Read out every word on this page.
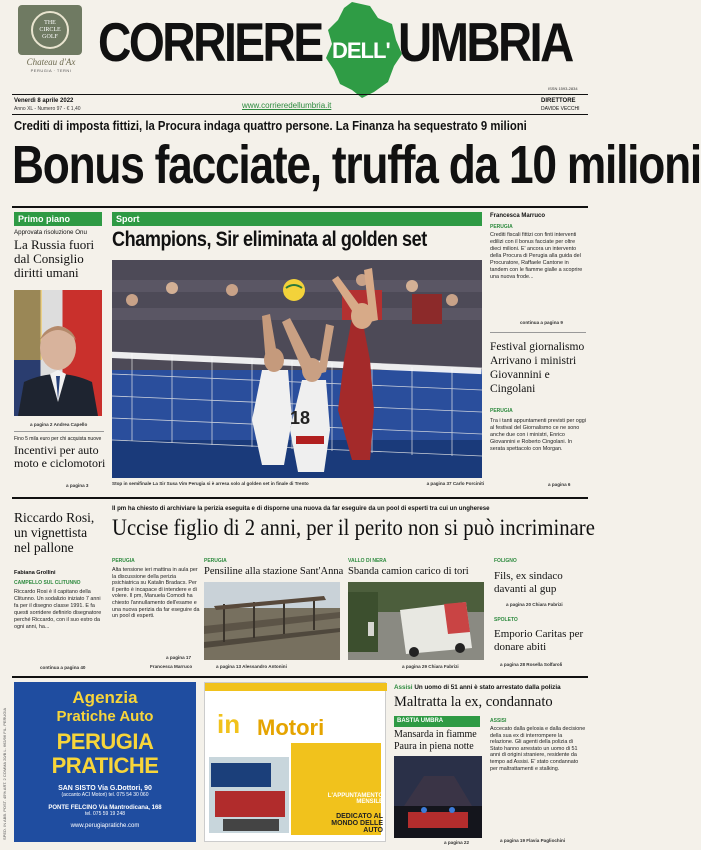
THE CIRCLE GOLF
Chateau d'Ax
PERUGIA · TERNI CORRIERE DELL' UMBRIA
ISSN 1593-2834
Venerdì 8 aprile 2022
Anno XL - Numero 97 - € 1,40	www.corrieredellumbria.it	DIRETTORE
DAVIDE VECCHI
Crediti di imposta fittizi, la Procura indaga quattro persone. La Finanza ha sequestrato 9 milioni
Bonus facciate, truffa da 10 milioni
Primo piano
Approvata risoluzione Onu
La Russia fuori dal Consiglio diritti umani
a pagina 2 Andrea Capello
Fino 5 mila euro per chi acquista nuove
Incentivi per auto moto e ciclomotori
a pagina 3
Sport
Champions, Sir eliminata al golden set
18
Stop in semifinale La Sir Susa Vim Perugia si è arresa solo al golden set in finale di Trento	a pagina 37 Carlo Forciniti
Francesca Marruco
PERUGIA
Crediti fiscali fittizi con finti interventi edilizi con il bonus facciate per oltre dieci milioni. E' ancora un intervento della Procura di Perugia alla guida del Procuratore, Raffaele Cantone in tandem con le fiamme gialle a scoprire una nuova frode...
continua a pagina 9
Festival giornalismo Arrivano i ministri Giovannini e Cingolani
PERUGIA
Tra i tanti appuntamenti previsti per oggi al festival del Giornalismo ce ne sono anche due con i ministri, Enrico Giovannini e Roberto Cingolani. In serata spettacolo con Morgan.
a pagina 6
Riccardo Rosi, un vignettista nel pallone
Fabiana Grollini
CAMPELLO SUL CLITUNNO
Riccardo Rosi è il capitano della Clitunno. Un sodalizio iniziato 7 anni fa per il disegno classe 1991. E fa questi sorridere definirlo disegnatore perché Riccardo, con il suo estro da ogni anni, ha...
continua a pagina 40
Il pm ha chiesto di archiviare la perizia eseguita e di disporne una nuova da far eseguire da un pool di esperti tra cui un ungherese
Uccise figlio di 2 anni, per il perito non si può incriminare
PERUGIA
Alta tensione ieri mattina in aula per la discussione della perizia psichiatrica su Katalin Bradacs. Per il perito è incapace di intendere e di volere. Il pm, Manuela Comodi ha chiesto l'annullamento dell'esame e una nuova perizia da far eseguire da un pool di esperti.
a pagina 17
Francesca Marruco
PERUGIA
Pensiline alla stazione Sant'Anna
a pagina 13 Alessandro Antonini
VALLO DI NERA
Sbanda camion carico di tori
a pagina 29 Chiara Fabrizi
FOLIGNO
Fils, ex sindaco davanti al gup
a pagina 20 Chiara Fabrizi
SPOLETO
Emporio Caritas per donare abiti
a pagina 28 Rosella Solfaroli
Agenzia
Pratiche Auto
PERUGIA
PRATICHE
SAN SISTO Via G.Dottori, 90
(accanto ACI Motori) tel. 075 54 30 060
PONTE FELCINO Via Mantrodicana, 168
tel. 075 59 19 248
www.perugiapratiche.com
in Motori
L'APPUNTAMENTO MENSILE
DEDICATO AL MONDO DELLE AUTO
Assisi Un uomo di 51 anni è stato arrestato dalla polizia
Maltratta la ex, condannato
BASTIA UMBRA
Mansarda in fiamme Paura in piena notte
a pagina 22
ASSISI
Accecato dalla gelosia e dalla decisione della sua ex di interrompere la relazione. Gli agenti della polizia di Stato hanno arrestato un uomo di 51 anni di origini straniere, residente da tempo ad Assisi. E' stato condannato per maltrattamenti e stalking.
a pagina 19 Flavia Pagliochini
SPED. IN ABB. POST. 45% ART. 2 COMMA 20/B L. 662/96 FIL. PERUGIA
